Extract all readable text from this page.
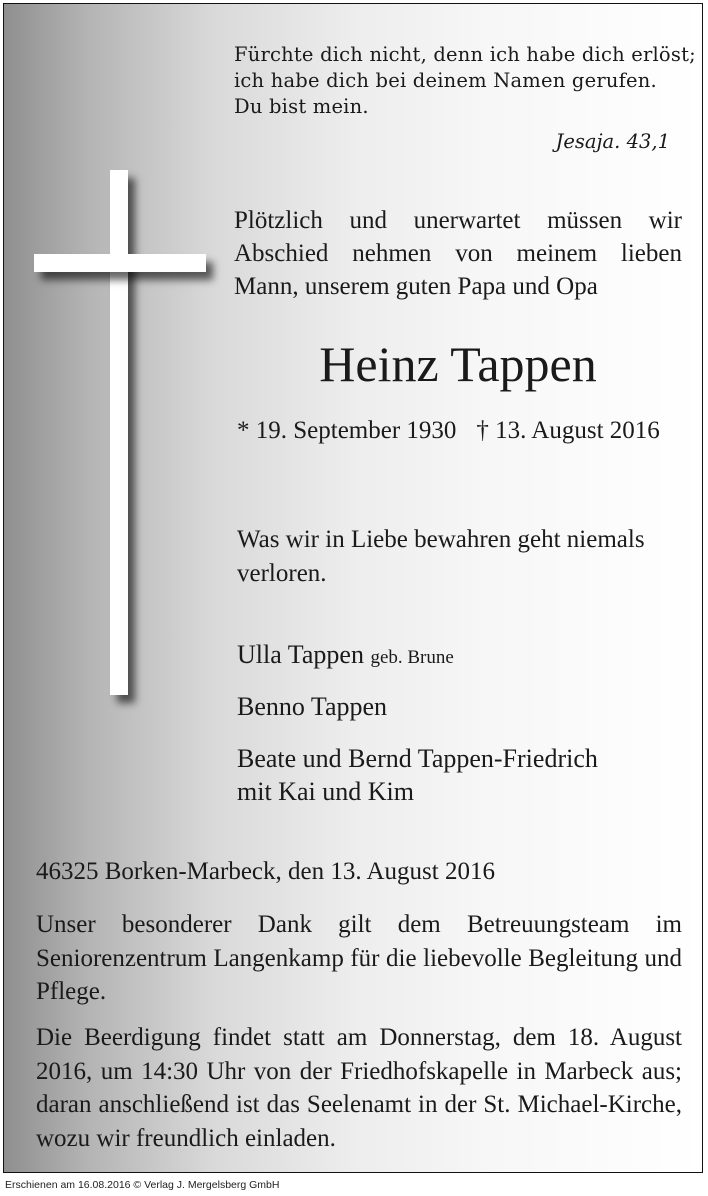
Fürchte dich nicht, denn ich habe dich erlöst;
ich habe dich bei deinem Namen gerufen.
Du bist mein.
Jesaja. 43,1
Plötzlich und unerwartet müssen wir Abschied nehmen von meinem lieben Mann, unserem guten Papa und Opa
Heinz Tappen
* 19. September 1930 † 13. August 2016
Was wir in Liebe bewahren geht niemals verloren.
Ulla Tappen geb. Brune
Benno Tappen
Beate und Bernd Tappen-Friedrich
mit Kai und Kim
46325 Borken-Marbeck, den 13. August 2016
Unser besonderer Dank gilt dem Betreuungsteam im Seniorenzentrum Langenkamp für die liebevolle Begleitung und Pflege.
Die Beerdigung findet statt am Donnerstag, dem 18. August 2016, um 14:30 Uhr von der Friedhofskapelle in Marbeck aus; daran anschließend ist das Seelenamt in der St. Michael-Kirche, wozu wir freundlich einladen.
Erschienen am 16.08.2016 © Verlag J. Mergelsberg GmbH
